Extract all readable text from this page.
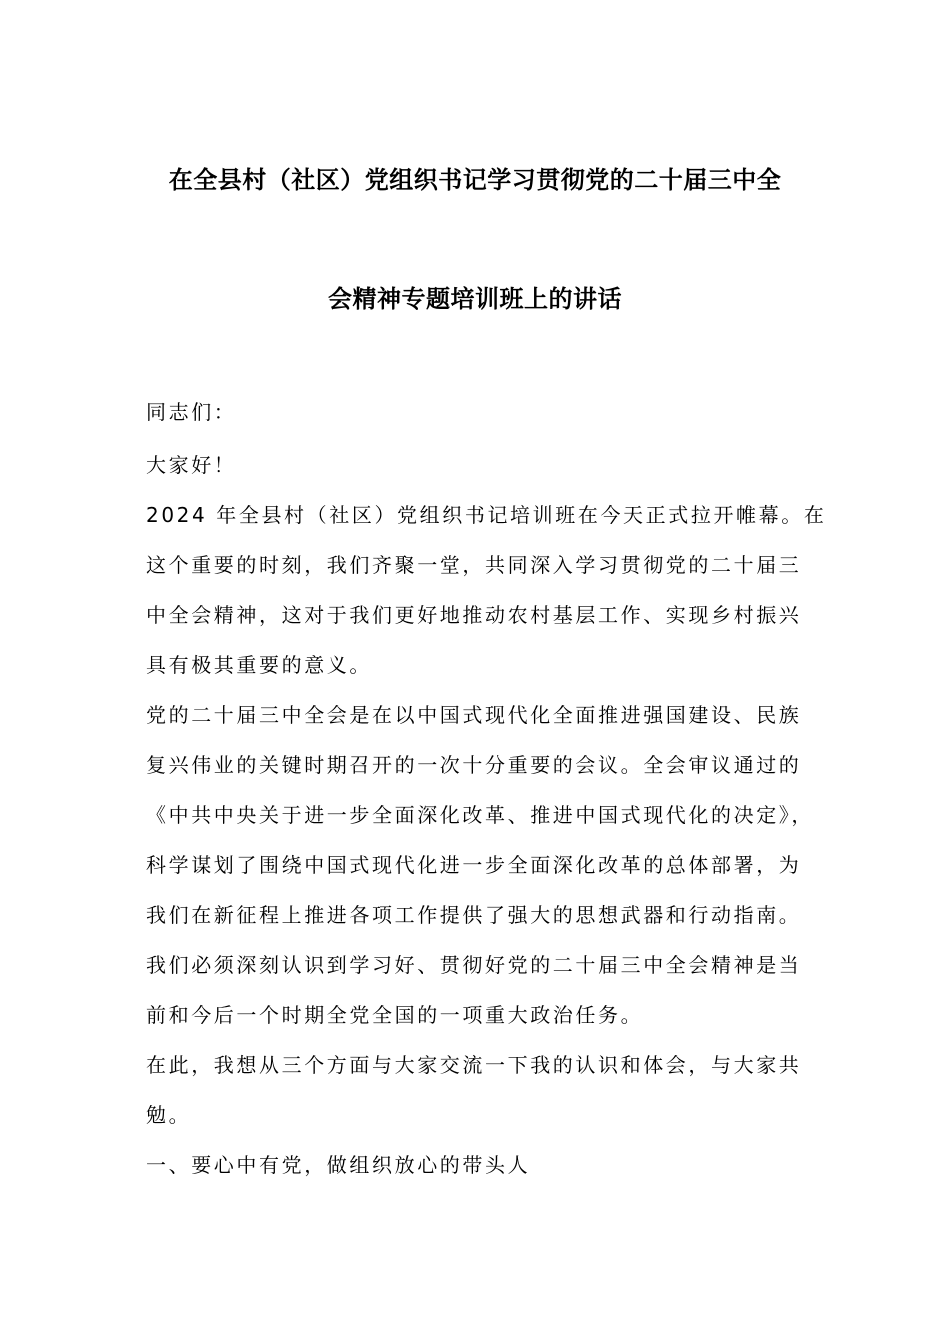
在全县村（社区）党组织书记学习贯彻党的二十届三中全
会精神专题培训班上的讲话
同志们：
大家好！
2024 年全县村（社区）党组织书记培训班在今天正式拉开帷幕。在
这个重要的时刻，我们齐聚一堂，共同深入学习贯彻党的二十届三
中全会精神，这对于我们更好地推动农村基层工作、实现乡村振兴
具有极其重要的意义。
党的二十届三中全会是在以中国式现代化全面推进强国建设、民族
复兴伟业的关键时期召开的一次十分重要的会议。全会审议通过的
《中共中央关于进一步全面深化改革、推进中国式现代化的决定》，
科学谋划了围绕中国式现代化进一步全面深化改革的总体部署，为
我们在新征程上推进各项工作提供了强大的思想武器和行动指南。
我们必须深刻认识到学习好、贯彻好党的二十届三中全会精神是当
前和今后一个时期全党全国的一项重大政治任务。
在此，我想从三个方面与大家交流一下我的认识和体会，与大家共
勉。
一、要心中有党，做组织放心的带头人
